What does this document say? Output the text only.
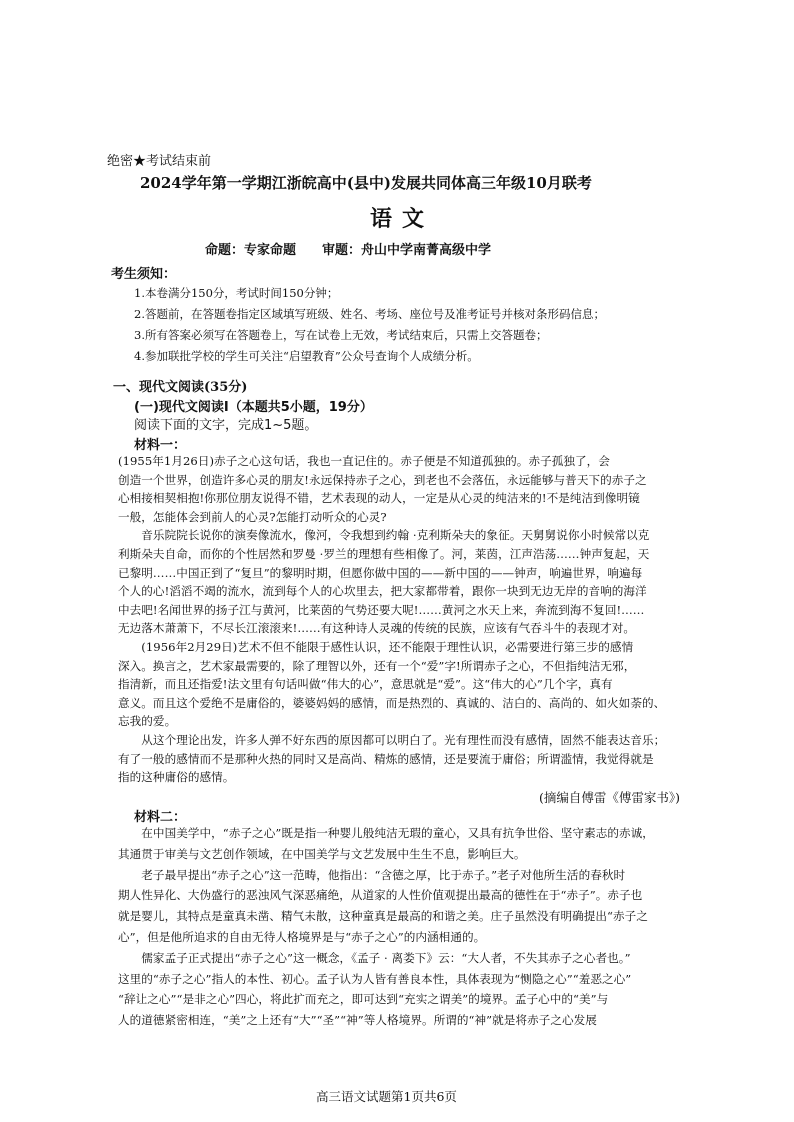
绝密★考试结束前
2024学年第一学期江浙皖高中(县中)发展共同体高三年级10月联考
语文
命题：专家命题　　审题：舟山中学南菁高级中学
考生须知：
1.本卷满分150分，考试时间150分钟；
2.答题前，在答题卷指定区域填写班级、姓名、考场、座位号及准考证号并核对条形码信息；
3.所有答案必须写在答题卷上，写在试卷上无效，考试结束后，只需上交答题卷；
4.参加联批学校的学生可关注“启望教育”公众号查询个人成绩分析。
一、现代文阅读(35分)
(一)现代文阅读I（本题共5小题，19分）
阅读下面的文字，完成1~5题。
材料一：
(1955年1月26日)赤子之心这句话，我也一直记住的。赤子便是不知道孤独的。赤子孤独了，会
创造一个世界，创造许多心灵的朋友!永远保持赤子之心，到老也不会落伍，永远能够与普天下的赤子之
心相接相契相抱!你那位朋友说得不错，艺术表现的动人，一定是从心灵的纯洁来的!不是纯洁到像明镜
一般，怎能体会到前人的心灵?怎能打动听众的心灵?
　　音乐院院长说你的演奏像流水，像河，令我想到约翰 ·克利斯朵夫的象征。天舅舅说你小时候常以克
利斯朵夫自命，而你的个性居然和罗曼 ·罗兰的理想有些相像了。河，莱茵，江声浩荡……钟声复起，天
已黎明……中国正到了“复旦”的黎明时期，但愿你做中国的——新中国的——钟声，响遍世界，响遍每
个人的心!滔滔不竭的流水，流到每个人的心坎里去，把大家都带着，跟你一块到无边无岸的音响的海洋
中去吧!名闻世界的扬子江与黄河，比莱茵的气势还要大呢!……黄河之水天上来，奔流到海不复回!……
无边落木萧萧下，不尽长江滚滚来!……有这种诗人灵魂的传统的民族，应该有气吞斗牛的表现才对。
　　(1956年2月29日)艺术不但不能限于感性认识，还不能限于理性认识，必需要进行第三步的感情
深入。换言之，艺术家最需要的，除了理智以外，还有一个“爱”字!所谓赤子之心，不但指纯洁无邪，
指清新，而且还指爱!法文里有句话叫做“伟大的心”，意思就是“爱”。这“伟大的心”几个字，真有
意义。而且这个爱绝不是庸俗的，婆婆妈妈的感情，而是热烈的、真诚的、洁白的、高尚的、如火如荼的、
忘我的爱。
　　从这个理论出发，许多人弹不好东西的原因都可以明白了。光有理性而没有感情，固然不能表达音乐；
有了一般的感情而不是那种火热的同时又是高尚、精炼的感情，还是要流于庸俗；所谓滥情，我觉得就是
指的这种庸俗的感情。
(摘编自傅雷《傅雷家书》)
材料二：
　　在中国美学中，“赤子之心”既是指一种婴儿般纯洁无瑕的童心，又具有抗争世俗、坚守素志的赤诚，
其通贯于审美与文艺创作领域，在中国美学与文艺发展中生生不息，影响巨大。
　　老子最早提出“赤子之心”这一范畴，他指出：“含德之厚，比于赤子。”老子对他所生活的春秋时
期人性异化、大伪盛行的恶浊风气深恶痛绝，从道家的人性价值观提出最高的德性在于“赤子”。赤子也
就是婴儿，其特点是童真未凿、精气未散，这种童真是最高的和谐之美。庄子虽然没有明确提出“赤子之
心”，但是他所追求的自由无待人格境界是与“赤子之心”的内涵相通的。
　　儒家孟子正式提出“赤子之心”这一概念，《孟子 · 离娄下》云：“大人者，不失其赤子之心者也。”
这里的“赤子之心”指人的本性、初心。孟子认为人皆有善良本性，具体表现为“恻隐之心”“羞恶之心”
“辞让之心”“是非之心”四心，将此扩而充之，即可达到“充实之谓美”的境界。孟子心中的“美”与
人的道德紧密相连，“美”之上还有“大”“圣”“神”等人格境界。所谓的“神”就是将赤子之心发展
高三语文试题第1页共6页
